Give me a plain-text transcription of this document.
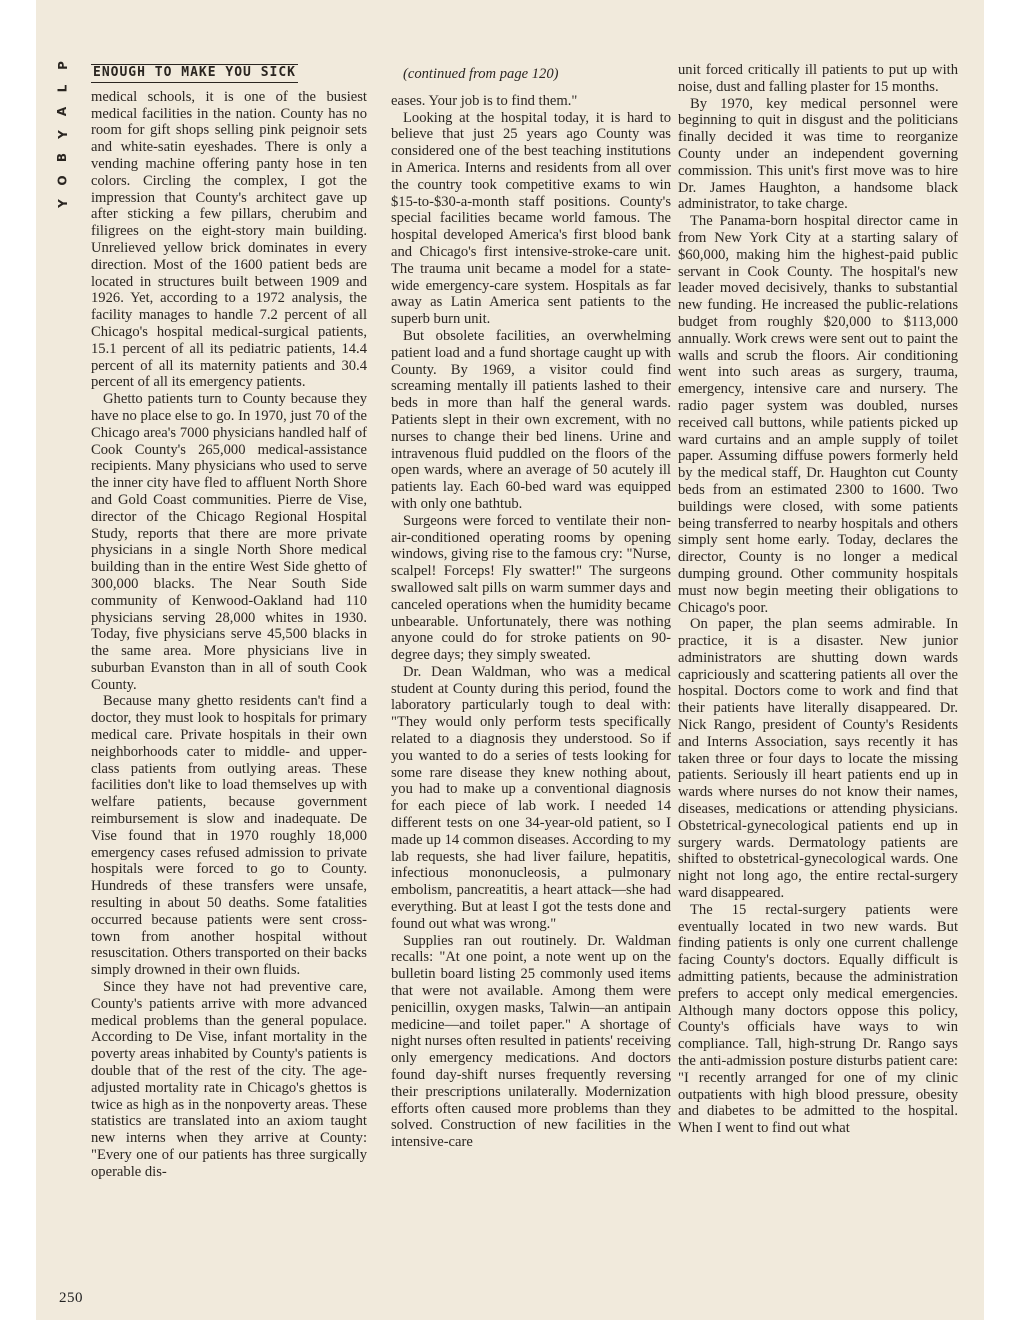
P
L
A
Y
B
O
Y
ENOUGH TO MAKE YOU SICK

medical schools, it is one of the busiest medical facilities in the nation. County has no room for gift shops selling pink peignoir sets and white-satin eyeshades. There is only a vending machine offering panty hose in ten colors. Circling the complex, I got the impression that County's architect gave up after sticking a few pillars, cherubim and filigrees on the eight-story main building. Unrelieved yellow brick dominates in every direction. Most of the 1600 patient beds are located in structures built between 1909 and 1926. Yet, according to a 1972 analysis, the facility manages to handle 7.2 percent of all Chicago's hospital medical-surgical patients, 15.1 percent of all its pediatric patients, 14.4 percent of all its maternity patients and 30.4 percent of all its emergency patients.

Ghetto patients turn to County because they have no place else to go. In 1970, just 70 of the Chicago area's 7000 physicians handled half of Cook County's 265,000 medical-assistance recipients. Many physicians who used to serve the inner city have fled to affluent North Shore and Gold Coast communities. Pierre de Vise, director of the Chicago Regional Hospital Study, reports that there are more private physicians in a single North Shore medical building than in the entire West Side ghetto of 300,000 blacks. The Near South Side community of Kenwood-Oakland had 110 physicians serving 28,000 whites in 1930. Today, five physicians serve 45,500 blacks in the same area. More physicians live in suburban Evanston than in all of south Cook County.

Because many ghetto residents can't find a doctor, they must look to hospitals for primary medical care. Private hospitals in their own neighborhoods cater to middle- and upper-class patients from outlying areas. These facilities don't like to load themselves up with welfare patients, because government reimbursement is slow and inadequate. De Vise found that in 1970 roughly 18,000 emergency cases refused admission to private hospitals were forced to go to County. Hundreds of these transfers were unsafe, resulting in about 50 deaths. Some fatalities occurred because patients were sent cross-town from another hospital without resuscitation. Others transported on their backs simply drowned in their own fluids.

Since they have not had preventive care, County's patients arrive with more advanced medical problems than the general populace. According to De Vise, infant mortality in the poverty areas inhabited by County's patients is double that of the rest of the city. The age-adjusted mortality rate in Chicago's ghettos is twice as high as in the nonpoverty areas. These statistics are translated into an axiom taught new interns when they arrive at County: "Every one of our patients has three surgically operable dis-

(continued from page 120)

eases. Your job is to find them."

Looking at the hospital today, it is hard to believe that just 25 years ago County was considered one of the best teaching institutions in America. Interns and residents from all over the country took competitive exams to win $15-to-$30-a-month staff positions. County's special facilities became world famous. The hospital developed America's first blood bank and Chicago's first intensive-stroke-care unit. The trauma unit became a model for a state-wide emergency-care system. Hospitals as far away as Latin America sent patients to the superb burn unit.

But obsolete facilities, an overwhelming patient load and a fund shortage caught up with County. By 1969, a visitor could find screaming mentally ill patients lashed to their beds in more than half the general wards. Patients slept in their own excrement, with no nurses to change their bed linens. Urine and intravenous fluid puddled on the floors of the open wards, where an average of 50 acutely ill patients lay. Each 60-bed ward was equipped with only one bathtub.

Surgeons were forced to ventilate their non-air-conditioned operating rooms by opening windows, giving rise to the famous cry: "Nurse, scalpel! Forceps! Fly swatter!" The surgeons swallowed salt pills on warm summer days and canceled operations when the humidity became unbearable. Unfortunately, there was nothing anyone could do for stroke patients on 90-degree days; they simply sweated.

Dr. Dean Waldman, who was a medical student at County during this period, found the laboratory particularly tough to deal with: "They would only perform tests specifically related to a diagnosis they understood. So if you wanted to do a series of tests looking for some rare disease they knew nothing about, you had to make up a conventional diagnosis for each piece of lab work. I needed 14 different tests on one 34-year-old patient, so I made up 14 common diseases. According to my lab requests, she had liver failure, hepatitis, infectious mononucleosis, a pulmonary embolism, pancreatitis, a heart attack—she had everything. But at least I got the tests done and found out what was wrong."

Supplies ran out routinely. Dr. Waldman recalls: "At one point, a note went up on the bulletin board listing 25 commonly used items that were not available. Among them were penicillin, oxygen masks, Talwin—an antipain medicine—and toilet paper." A shortage of night nurses often resulted in patients' receiving only emergency medications. And doctors found day-shift nurses frequently reversing their prescriptions unilaterally. Modernization efforts often caused more problems than they solved. Construction of new facilities in the intensive-care

unit forced critically ill patients to put up with noise, dust and falling plaster for 15 months.

By 1970, key medical personnel were beginning to quit in disgust and the politicians finally decided it was time to reorganize County under an independent governing commission. This unit's first move was to hire Dr. James Haughton, a handsome black administrator, to take charge.

The Panama-born hospital director came in from New York City at a starting salary of $60,000, making him the highest-paid public servant in Cook County. The hospital's new leader moved decisively, thanks to substantial new funding. He increased the public-relations budget from roughly $20,000 to $113,000 annually. Work crews were sent out to paint the walls and scrub the floors. Air conditioning went into such areas as surgery, trauma, emergency, intensive care and nursery. The radio pager system was doubled, nurses received call buttons, while patients picked up ward curtains and an ample supply of toilet paper. Assuming diffuse powers formerly held by the medical staff, Dr. Haughton cut County beds from an estimated 2300 to 1600. Two buildings were closed, with some patients being transferred to nearby hospitals and others simply sent home early. Today, declares the director, County is no longer a medical dumping ground. Other community hospitals must now begin meeting their obligations to Chicago's poor.

On paper, the plan seems admirable. In practice, it is a disaster. New junior administrators are shutting down wards capriciously and scattering patients all over the hospital. Doctors come to work and find that their patients have literally disappeared. Dr. Nick Rango, president of County's Residents and Interns Association, says recently it has taken three or four days to locate the missing patients. Seriously ill heart patients end up in wards where nurses do not know their names, diseases, medications or attending physicians. Obstetrical-gynecological patients end up in surgery wards. Dermatology patients are shifted to obstetrical-gynecological wards. One night not long ago, the entire rectal-surgery ward disappeared.

The 15 rectal-surgery patients were eventually located in two new wards. But finding patients is only one current challenge facing County's doctors. Equally difficult is admitting patients, because the administration prefers to accept only medical emergencies. Although many doctors oppose this policy, County's officials have ways to win compliance. Tall, high-strung Dr. Rango says the anti-admission posture disturbs patient care: "I recently arranged for one of my clinic outpatients with high blood pressure, obesity and diabetes to be admitted to the hospital. When I went to find out what

250
